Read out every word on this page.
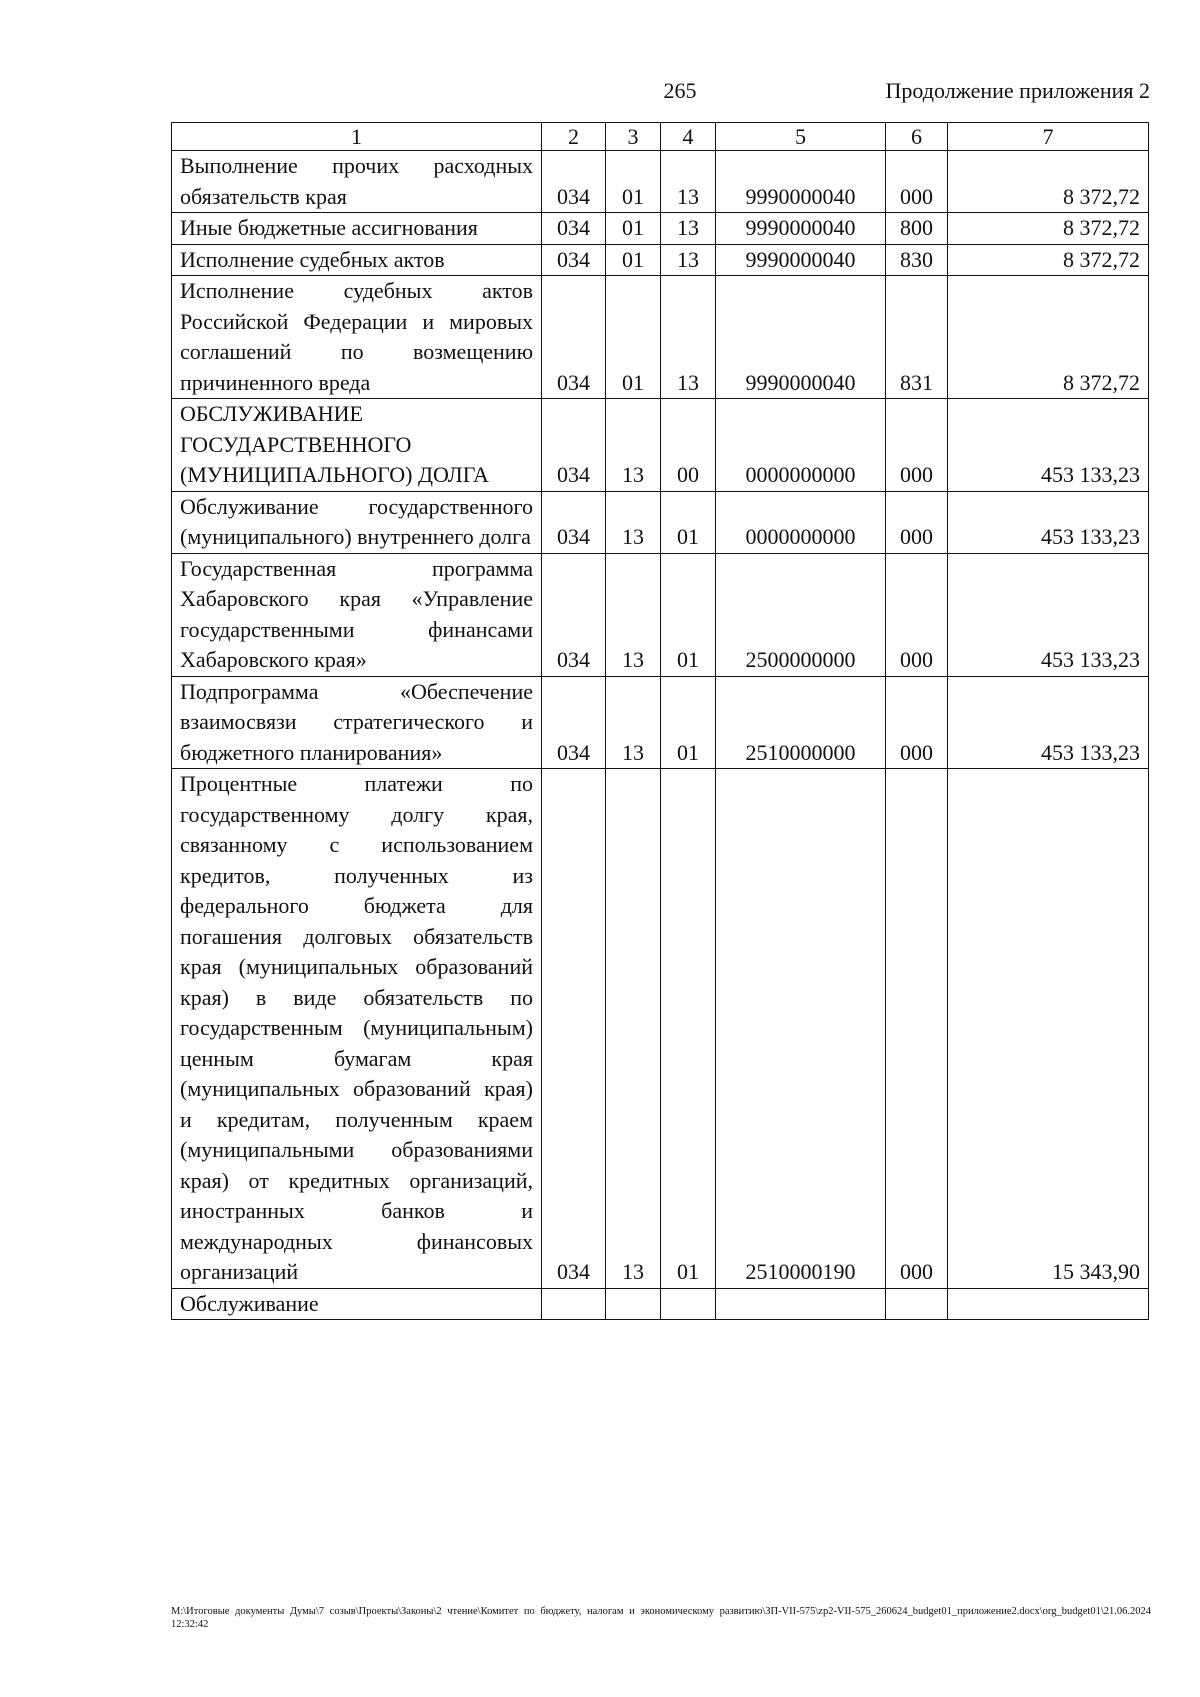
265	Продолжение приложения 2
1	2	3	4	5	6	7
Выполнение прочих расходных обязательств края	034	01	13	9990000040	000	8 372,72
Иные бюджетные ассигнования	034	01	13	9990000040	800	8 372,72
Исполнение судебных актов	034	01	13	9990000040	830	8 372,72
Исполнение судебных актов Российской Федерации и мировых соглашений по возмещению причиненного вреда	034	01	13	9990000040	831	8 372,72
ОБСЛУЖИВАНИЕ ГОСУДАРСТВЕННОГО (МУНИЦИПАЛЬНОГО) ДОЛГА	034	13	00	0000000000	000	453 133,23
Обслуживание государственного (муниципального) внутреннего долга	034	13	01	0000000000	000	453 133,23
Государственная программа Хабаровского края «Управление государственными финансами Хабаровского края»	034	13	01	2500000000	000	453 133,23
Подпрограмма «Обеспечение взаимосвязи стратегического и бюджетного планирования»	034	13	01	2510000000	000	453 133,23
Процентные платежи по государственному долгу края, связанному с использованием кредитов, полученных из федерального бюджета для погашения долговых обязательств края (муниципальных образований края) в виде обязательств по государственным (муниципальным) ценным бумагам края (муниципальных образований края) и кредитам, полученным краем (муниципальными образованиями края) от кредитных организаций, иностранных банков и международных финансовых организаций	034	13	01	2510000190	000	15 343,90
Обслуживание						
М:\Итоговые документы Думы\7 созыв\Проекты\Законы\2 чтение\Комитет по бюджету, налогам и экономическому развитию\ЗП-VII-575\zp2-VII-575_260624_budget01_приложение2.docx\org_budget01\21.06.2024 12:32:42
